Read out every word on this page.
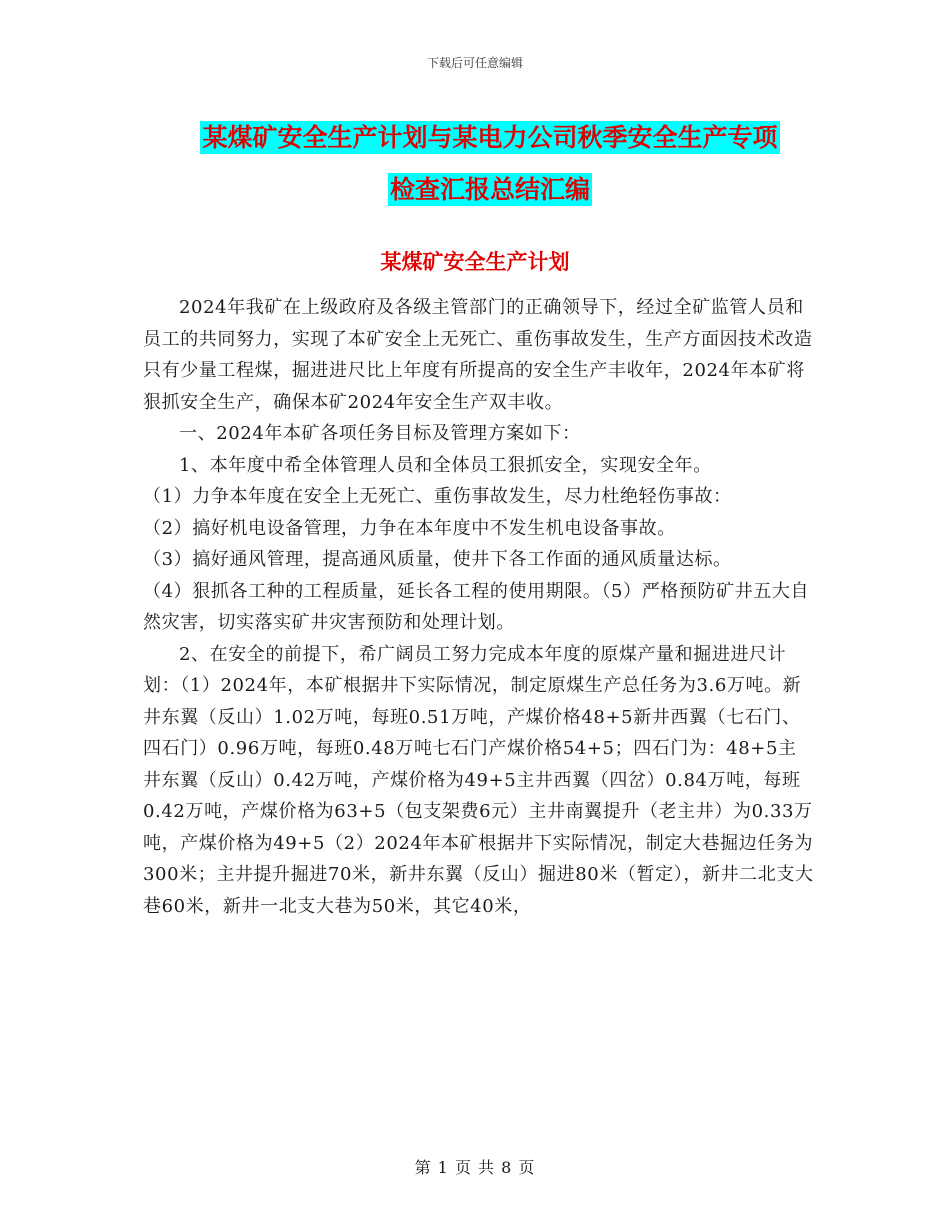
下载后可任意编辑
某煤矿安全生产计划与某电力公司秋季安全生产专项
检查汇报总结汇编
某煤矿安全生产计划

2024年我矿在上级政府及各级主管部门的正确领导下，经过全矿监管人员和员工的共同努力，实现了本矿安全上无死亡、重伤事故发生，生产方面因技术改造只有少量工程煤，掘进进尺比上年度有所提高的安全生产丰收年，2024年本矿将狠抓安全生产，确保本矿2024年安全生产双丰收。

一、2024年本矿各项任务目标及管理方案如下：

1、本年度中希全体管理人员和全体员工狠抓安全，实现安全年。

（1）力争本年度在安全上无死亡、重伤事故发生，尽力杜绝轻伤事故：

（2）搞好机电设备管理，力争在本年度中不发生机电设备事故。

（3）搞好通风管理，提高通风质量，使井下各工作面的通风质量达标。

（4）狠抓各工种的工程质量，延长各工程的使用期限。（5）严格预防矿井五大自然灾害，切实落实矿井灾害预防和处理计划。

2、在安全的前提下，希广阔员工努力完成本年度的原煤产量和掘进进尺计划：（1）2024年，本矿根据井下实际情况，制定原煤生产总任务为3.6万吨。新井东翼（反山）1.02万吨，每班0.51万吨，产煤价格48+5新井西翼（七石门、四石门）0.96万吨，每班0.48万吨七石门产煤价格54+5；四石门为：48+5主井东翼（反山）0.42万吨，产煤价格为49+5主井西翼（四岔）0.84万吨，每班0.42万吨，产煤价格为63+5（包支架费6元）主井南翼提升（老主井）为0.33万吨，产煤价格为49+5（2）2024年本矿根据井下实际情况，制定大巷掘边任务为300米；主井提升掘进70米，新井东翼（反山）掘进80米（暂定），新井二北支大巷60米，新井一北支大巷为50米，其它40米，

第 1 页 共 8 页
